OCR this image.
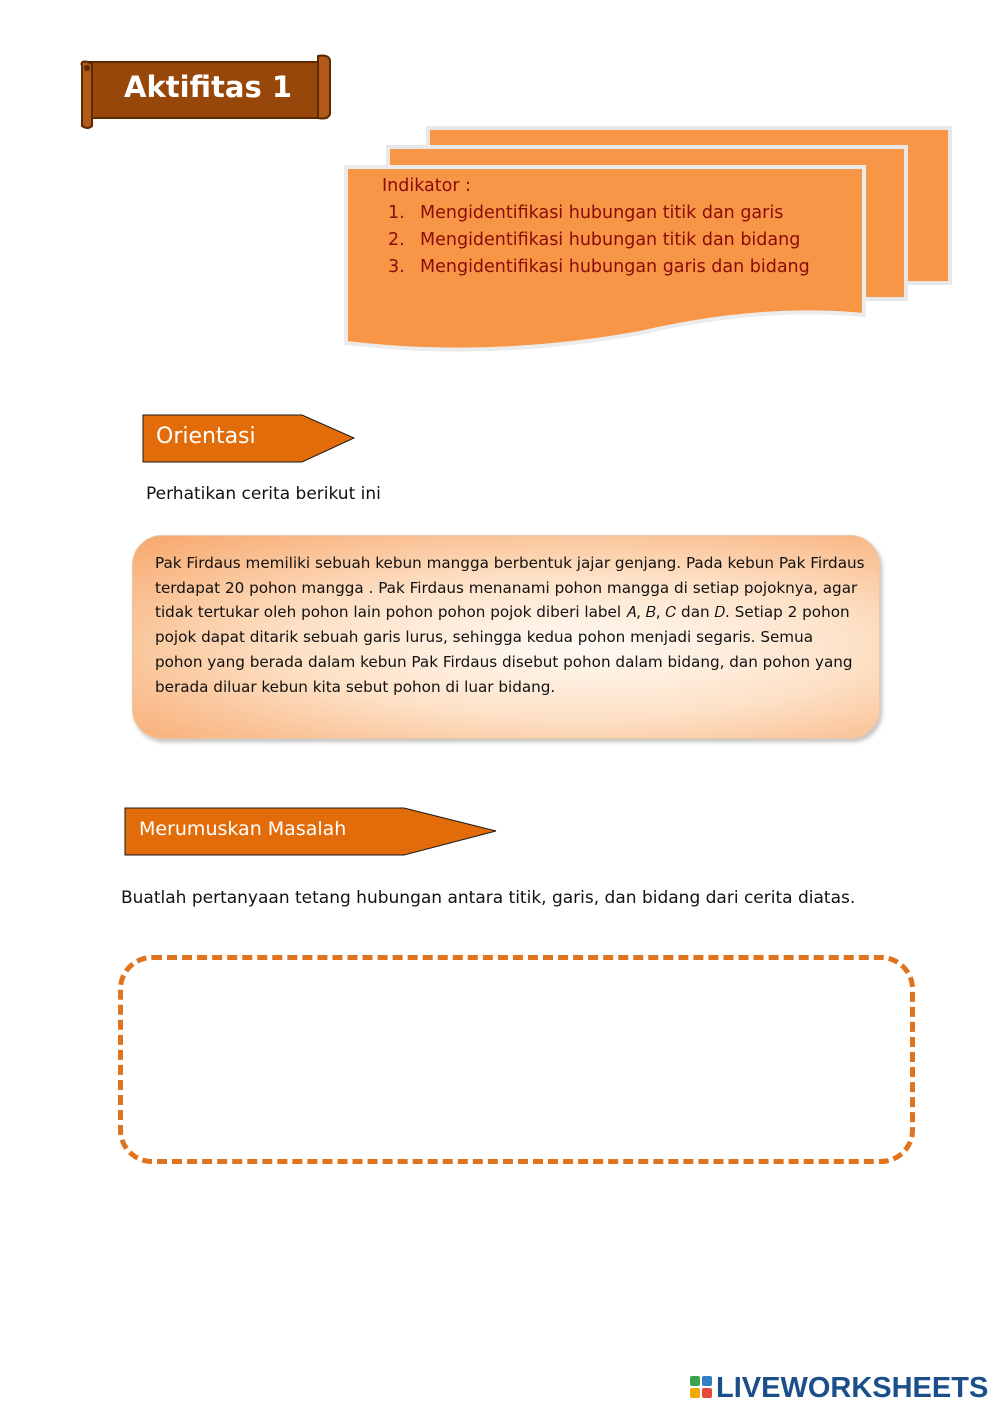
Aktifitas 1
Indikator :
1. Mengidentifikasi hubungan titik dan garis
2. Mengidentifikasi hubungan titik dan bidang
3. Mengidentifikasi hubungan garis dan bidang
Orientasi
Perhatikan cerita berikut ini
Pak Firdaus memiliki sebuah kebun mangga berbentuk jajar genjang. Pada kebun Pak Firdaus terdapat 20 pohon mangga . Pak Firdaus menanami pohon mangga di setiap pojoknya, agar tidak tertukar oleh pohon lain pohon pohon pojok diberi label 𝐴, 𝐵, 𝐶 dan 𝐷. Setiap 2 pohon pojok dapat ditarik sebuah garis lurus, sehingga kedua pohon menjadi segaris. Semua pohon yang berada dalam kebun Pak Firdaus disebut pohon dalam bidang, dan pohon yang berada diluar kebun kita sebut pohon di luar bidang.
Merumuskan Masalah
Buatlah pertanyaan tetang hubungan antara titik, garis, dan bidang dari cerita diatas.
LIVEWORKSHEETS
